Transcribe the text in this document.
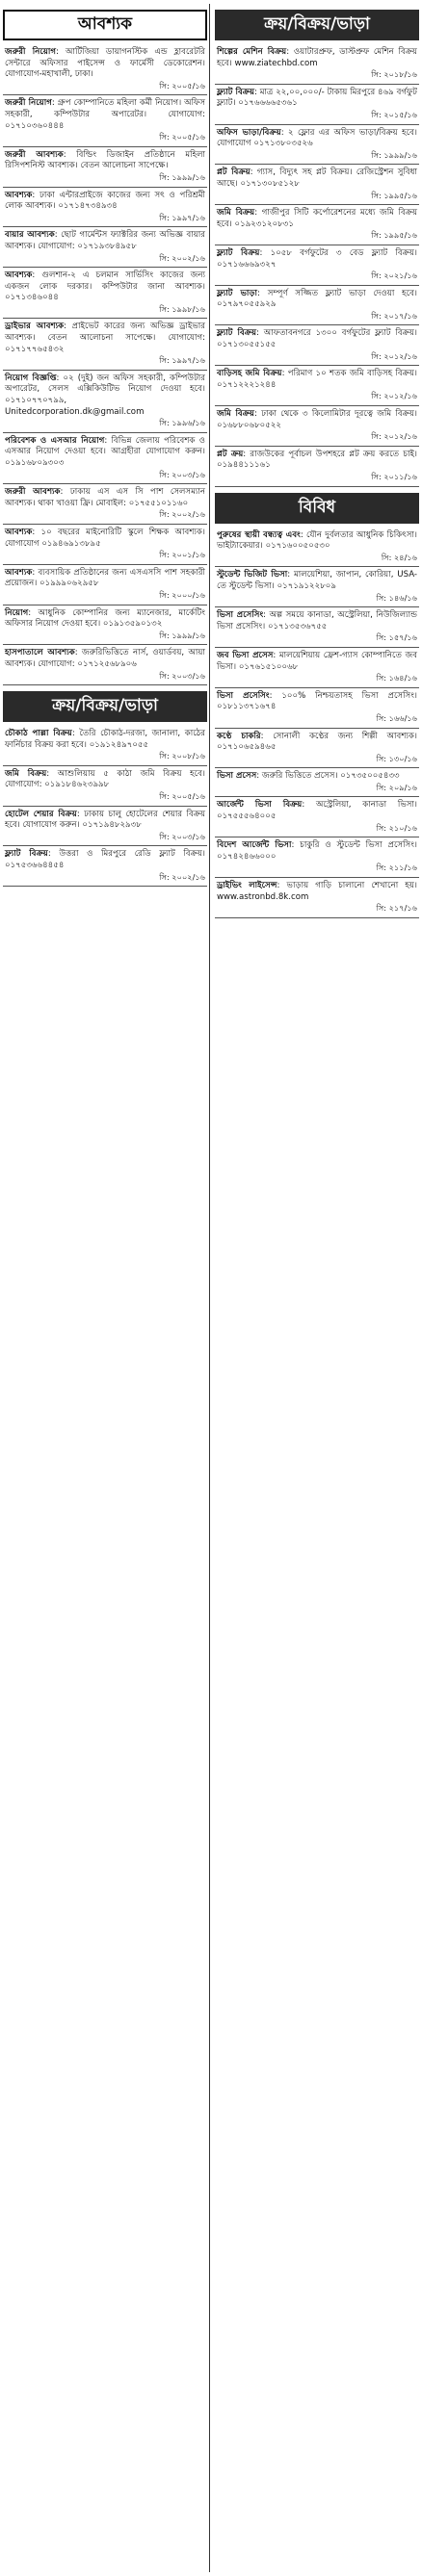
আবশ্যক
জরুরী নিয়োগ: আর্টিজিয়া ডায়াগনস্টিক এন্ড হ্লাবরেটরি সেন্টারে অফিসার পাইসেন্স ও ফার্মেসী ডেকোরেশন। যোগাযোগ-মহাখালী, ঢাকা।
সি: ২০০৫/১৬
জরুরী নিয়োগ: গ্রুপ কোম্পানিতে মহিলা কর্মী নিয়োগ। অফিস সহকারী, কম্পিউটার অপারেটর। যোগাযোগ: ০১৭১০৩৬০৪৪৪
সি: ২০০৫/১৬
জরুরী আবশ্যক: বিল্ডিং ডিজাইন প্রতিষ্ঠানে মহিলা রিসিপশনিস্ট আবশ্যক। বেতন আলোচনা সাপেক্ষে।
সি: ১৯৯৯/১৬
আবশ্যক: ঢাকা এন্টারপ্রাইজে কাজের জন্য সৎ ও পরিশ্রমী লোক আবশ্যক। ০১৭১৪৭৩৪৯৩৪
সি: ১৯৯৭/১৬
বায়ার আবশ্যক: ছোট গার্মেন্টস ফ্যাক্টরির জন্য অভিজ্ঞ বায়ার আবশ্যক। যোগাযোগ: ০১৭১৯৩৮৪৯৫৮
সি: ২০০২/১৬
আবশ্যক: গুলশান-২ এ চলমান সার্ভিসিং কাজের জন্য একজন লোক দরকার। কম্পিউটার জানা আবশ্যক। ০১৭১৩৪৬০৪৪
সি: ১৯৯৮/১৬
ড্রাইভার আবশ্যক: প্রাইভেট কারের জন্য অভিজ্ঞ ড্রাইভার আবশ্যক। বেতন আলোচনা সাপেক্ষে। যোগাযোগ: ০১৭১৭৭৬৫৪৩২
সি: ১৯৯৭/১৬
নিয়োগ বিজ্ঞপ্তি: ০২ (দুই) জন অফিস সহকারী, কম্পিউটার অপারেটর, সেলস এক্সিকিউটিভ নিয়োগ দেওয়া হবে। ০১৭১০৭৭০৭৯৯, Unitedcorporation.dk@gmail.com
সি: ১৯৯৬/১৬
পরিবেশক ও এসআর নিয়োগ: বিভিন্ন জেলায় পরিবেশক ও এসআর নিয়োগ দেওয়া হবে। আগ্রহীরা যোগাযোগ করুন। ০১৯১৬৮০৯৩০৩
সি: ২০০৩/১৬
জরুরী আবশ্যক: ঢাকায় এস এস সি পাশ সেলসম্যান আবশ্যক। থাকা খাওয়া ফ্রি। মোবাইল: ০১৭৫৫১০১১৬০
সি: ২০০২/১৬
আবশ্যক: ১০ বছরের মাইনোরিটি স্কুলে শিক্ষক আবশ্যক। যোগাযোগ ০১৯৪৬৯১৩৮৯৫
সি: ২০০১/১৬
আবশ্যক: ব্যবসায়িক প্রতিষ্ঠানের জন্য এসএসসি পাশ সহকারী প্রয়োজন। ০১৯৯৯০৬২৯৫৮
সি: ২০০০/১৬
নিয়োগ: আধুনিক কোম্পানির জন্য ম্যানেজার, মার্কেটিং অফিসার নিয়োগ দেওয়া হবে। ০১৯১৩৫৯০১৩২
সি: ১৯৯৯/১৬
হাসপাতালে আবশ্যক: জরুরিভিত্তিতে নার্স, ওয়ার্ডবয়, আয়া আবশ্যক। যোগাযোগ: ০১৭১২৫৬৮৯০৬
সি: ২০০৩/১৬
ক্রয়/বিক্রয়/ভাড়া
চৌকাঠ পাল্লা বিক্রয়: তৈরি চৌকাঠ-দরজা, জানালা, কাঠের ফার্নিচার বিক্রয় করা হবে। ০১৯১২৪৯৭০৫৫
সি: ২০০৮/১৬
জমি বিক্রয়: আশুলিয়ায় ৫ কাঠা জমি বিক্রয় হবে। যোগাযোগ: ০১৯১৮৪৬২৩৯৯৮
সি: ২০০৫/১৬
হোটেল শেয়ার বিক্রয়: ঢাকায় চালু হোটেলের শেয়ার বিক্রয় হবে। যোগাযোগ করুন। ০১৭১৯৪৮২৯৩৮
সি: ২০০৩/১৬
ফ্ল্যাট বিক্রয়: উত্তরা ও মিরপুরে রেডি ফ্ল্যাট বিক্রয়। ০১৭৫৩৬৬৪৪৫৪
সি: ২০০২/১৬
ক্রয়/বিক্রয়/ভাড়া
শিল্পের মেশিন বিক্রয়: ওয়াটারপ্রুফ, ডাস্টপ্রুফ মেশিন বিক্রয় হবে। www.ziatechbd.com
সি: ২০১৮/১৬
ফ্ল্যাট বিক্রয়: মাত্র ২২,০০,০০০/- টাকায় মিরপুরে ৪৬৯ বর্গফুট ফ্ল্যাট। ০১৭৬৬৬৬৫৩৬১
সি: ২০১৫/১৬
অফিস ভাড়া/বিক্রয়: ২ ফ্লোর এর অফিস ভাড়া/বিক্রয় হবে। যোগাযোগ ০১৭১৩৮০৩৫২৬
সি: ১৯৯৯/১৬
প্লট বিক্রয়: গ্যাস, বিদ্যুৎ সহ প্লট বিক্রয়। রেজিস্ট্রেশন সুবিধা আছে। ০১৭১৩০৮৫১২৮
সি: ১৯৯৫/১৬
জমি বিক্রয়: গাজীপুর সিটি কর্পোরেশনের মধ্যে জমি বিক্রয় হবে। ০১৯২৩১২০৮৩১
সি: ১৯৯৫/১৬
ফ্ল্যাট বিক্রয়: ১০৫৮ বর্গফুটের ৩ বেড ফ্ল্যাট বিক্রয়। ০১৭১৬৬৬৯৩২৭
সি: ২০২১/১৬
ফ্ল্যাট ভাড়া: সম্পূর্ণ সজ্জিত ফ্ল্যাট ভাড়া দেওয়া হবে। ০১৭৯৭০৫৫৯২৯
সি: ২০১৭/১৬
ফ্ল্যাট বিক্রয়: আফতাবনগরে ১৩০০ বর্গফুটের ফ্ল্যাট বিক্রয়। ০১৭১৩০৫৫১৫৫
সি: ২০১২/১৬
বাড়িসহ জমি বিক্রয়: পরিমাণ ১০ শতক জমি বাড়িসহ বিক্রয়। ০১৭১২২২১২৪৪
সি: ২০১২/১৬
জমি বিক্রয়: ঢাকা থেকে ৩ কিলোমিটার দূরত্বে জমি বিক্রয়। ০১৬৮৮০৬৮০৫২২
সি: ২০১২/১৬
প্লট ক্রয়: রাজউকের পূর্বাচল উপশহরে প্লট ক্রয় করতে চাই। ০১৯৪৪১১১৬১
সি: ২০১১/১৬
বিবিধ
পুরুষের স্থায়ী বন্ধ্যত্ব এবং: যৌন দুর্বলতার আধুনিক চিকিৎসা। ভাইট্যাকেয়ার। ০১৭১৬০০৫০৫৩০
সি: ২৪/১৬
স্টুডেন্ট ভিজিট ভিসা: মালয়েশিয়া, জাপান, কোরিয়া, USA-তে স্টুডেন্ট ভিসা। ০১৭১৯১২২৮০৯
সি: ১৪৬/১৬
ভিসা প্রসেসিং: অল্প সময়ে কানাডা, অস্ট্রেলিয়া, নিউজিল্যান্ড ভিসা প্রসেসিং। ০১৭১৩৫৩৬৭৫৫
সি: ১৫৭/১৬
জব ভিসা প্রসেস: মালয়েশিয়ায় ফ্রেশ-গ্যাস কোম্পানিতে জব ভিসা। ০১৭৬১৫১০০৬৮
সি: ১৬৪/১৬
ভিসা প্রসেসিং: ১০০% নিশ্চয়তাসহ ভিসা প্রসেসিং। ০১৮১১৩৭১৬৭৪
সি: ১৬৬/১৬
কণ্ঠে চাকরি: সোনালী কণ্ঠের জন্য শিল্পী আবশ্যক। ০১৭১০৬৫৯৪৬৫
সি: ১৩০/১৬
ভিসা প্রসেস: জরুরি ভিত্তিতে প্রসেস। ০১৭৩৫০০৫৪৩৩
সি: ২০৯/১৬
আর্জেন্ট ভিসা বিক্রয়: অস্ট্রেলিয়া, কানাডা ভিসা। ০১৭৫৫৫৬৪০০৫
সি: ২১০/১৬
বিদেশ আর্জেন্ট ভিসা: চাকুরি ও স্টুডেন্ট ভিসা প্রসেসিং। ০১৭৪২৪৬৬০০০
সি: ২১১/১৬
ড্রাইভিং লাইসেন্স: ভাড়ায় গাড়ি চালানো শেখানো হয়। www.astronbd.8k.com
সি: ২১৭/১৬
